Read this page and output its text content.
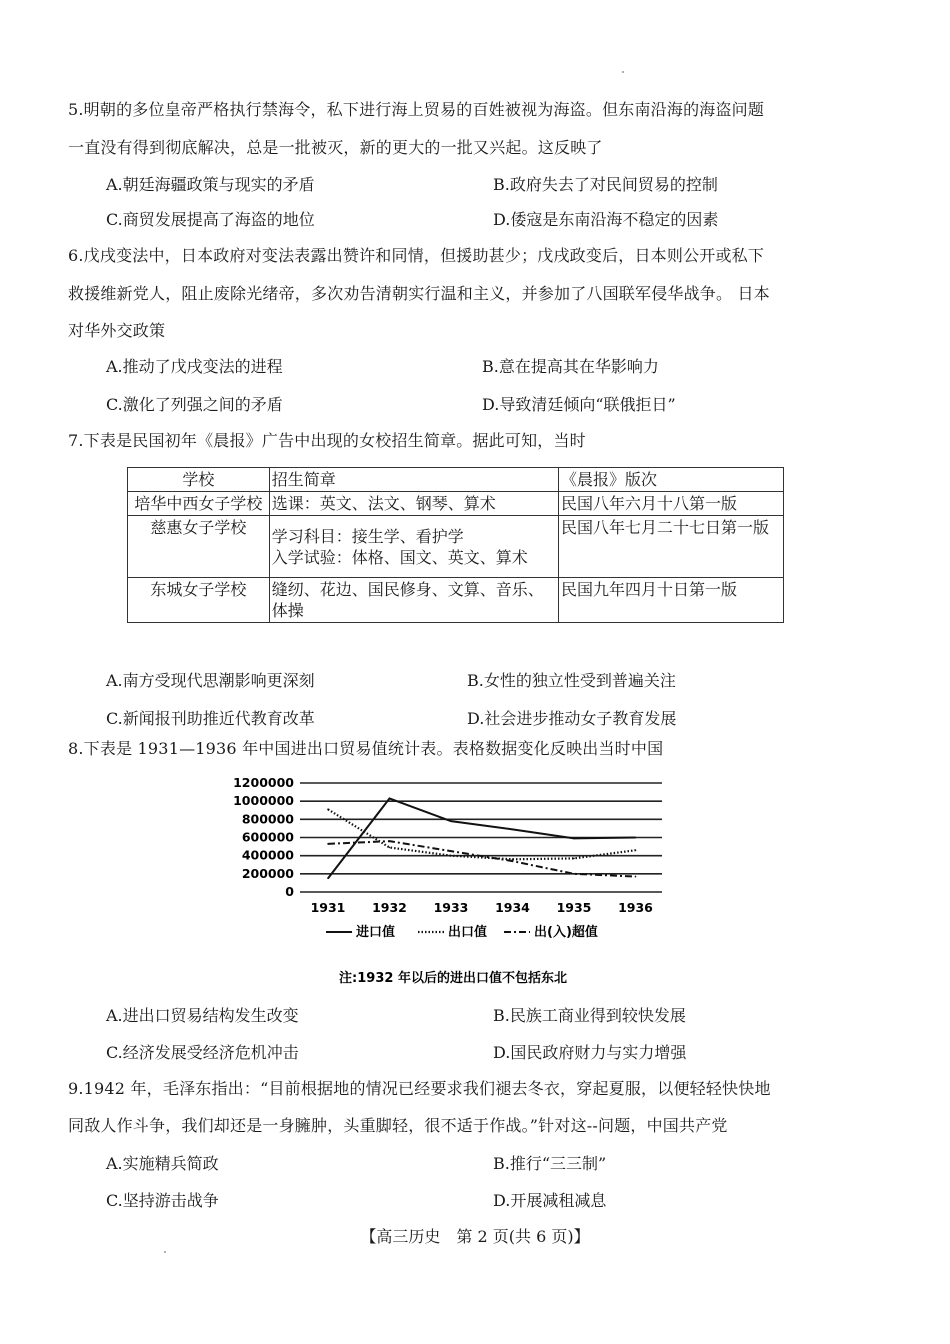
5.明朝的多位皇帝严格执行禁海令，私下进行海上贸易的百姓被视为海盗。但东南沿海的海盗问题
一直没有得到彻底解决，总是一批被灭，新的更大的一批又兴起。这反映了
A.朝廷海疆政策与现实的矛盾	B.政府失去了对民间贸易的控制
C.商贸发展提高了海盗的地位	D.倭寇是东南沿海不稳定的因素
6.戊戌变法中，日本政府对变法表露出赞许和同情，但援助甚少；戊戌政变后，日本则公开或私下
救援维新党人，阻止废除光绪帝，多次劝告清朝实行温和主义，并参加了八国联军侵华战争。 日本
对华外交政策
A.推动了戊戌变法的进程	B.意在提高其在华影响力
C.激化了列强之间的矛盾	D.导致清廷倾向“联俄拒日”
7.下表是民国初年《晨报》广告中出现的女校招生简章。据此可知，当时
学校	招生简章	《晨报》版次
培华中西女子学校	选课：英文、法文、钢琴、算术	民国八年六月十八第一版
慈惠女子学校	学习科目：接生学、看护学
入学试验：体格、国文、英文、算术	民国八年七月二十七日第一版
东城女子学校	缝纫、花边、国民修身、文算、音乐、体操	民国九年四月十日第一版
A.南方受现代思潮影响更深刻	B.女性的独立性受到普遍关注
C.新闻报刊助推近代教育改革	D.社会进步推动女子教育发展
8.下表是 1931—1936 年中国进出口贸易值统计表。表格数据变化反映出当时中国
0
200000
400000
600000
800000
1000000
1200000
1931 1932 1933 1934 1935 1936
进口值	出口值	出(入)超值
注:1932 年以后的进出口值不包括东北
A.进出口贸易结构发生改变	B.民族工商业得到较快发展
C.经济发展受经济危机冲击	D.国民政府财力与实力增强
9.1942 年，毛泽东指出：“目前根据地的情况已经要求我们褪去冬衣，穿起夏服，以便轻轻快快地
同敌人作斗争，我们却还是一身臃肿，头重脚轻，很不适于作战。”针对这--问题，中国共产党
A.实施精兵简政	B.推行“三三制”
C.坚持游击战争	D.开展减租减息
【高三历史　第 2 页(共 6 页)】
